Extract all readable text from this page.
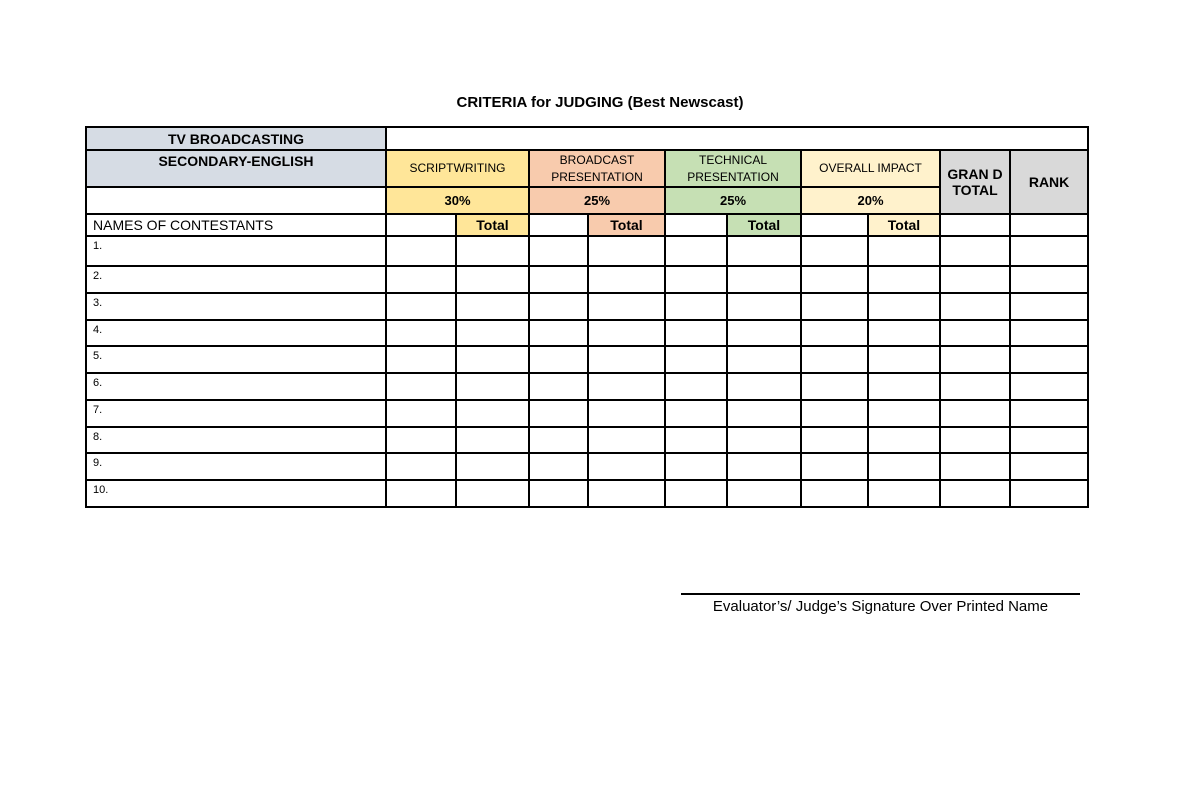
CRITERIA for JUDGING (Best Newscast)
TV BROADCASTING										
SECONDARY-ENGLISH	SCRIPTWRITING		BROADCAST PRESENTATION		TECHNICAL PRESENTATION		OVERALL IMPACT		GRAN D TOTAL	RANK
	30%		25%		25%		20%			
NAMES OF CONTESTANTS		Total		Total		Total		Total		
1.										
2.										
3.										
4.										
5.										
6.										
7.										
8.										
9.										
10.										
Evaluator’s/ Judge’s Signature Over Printed Name
